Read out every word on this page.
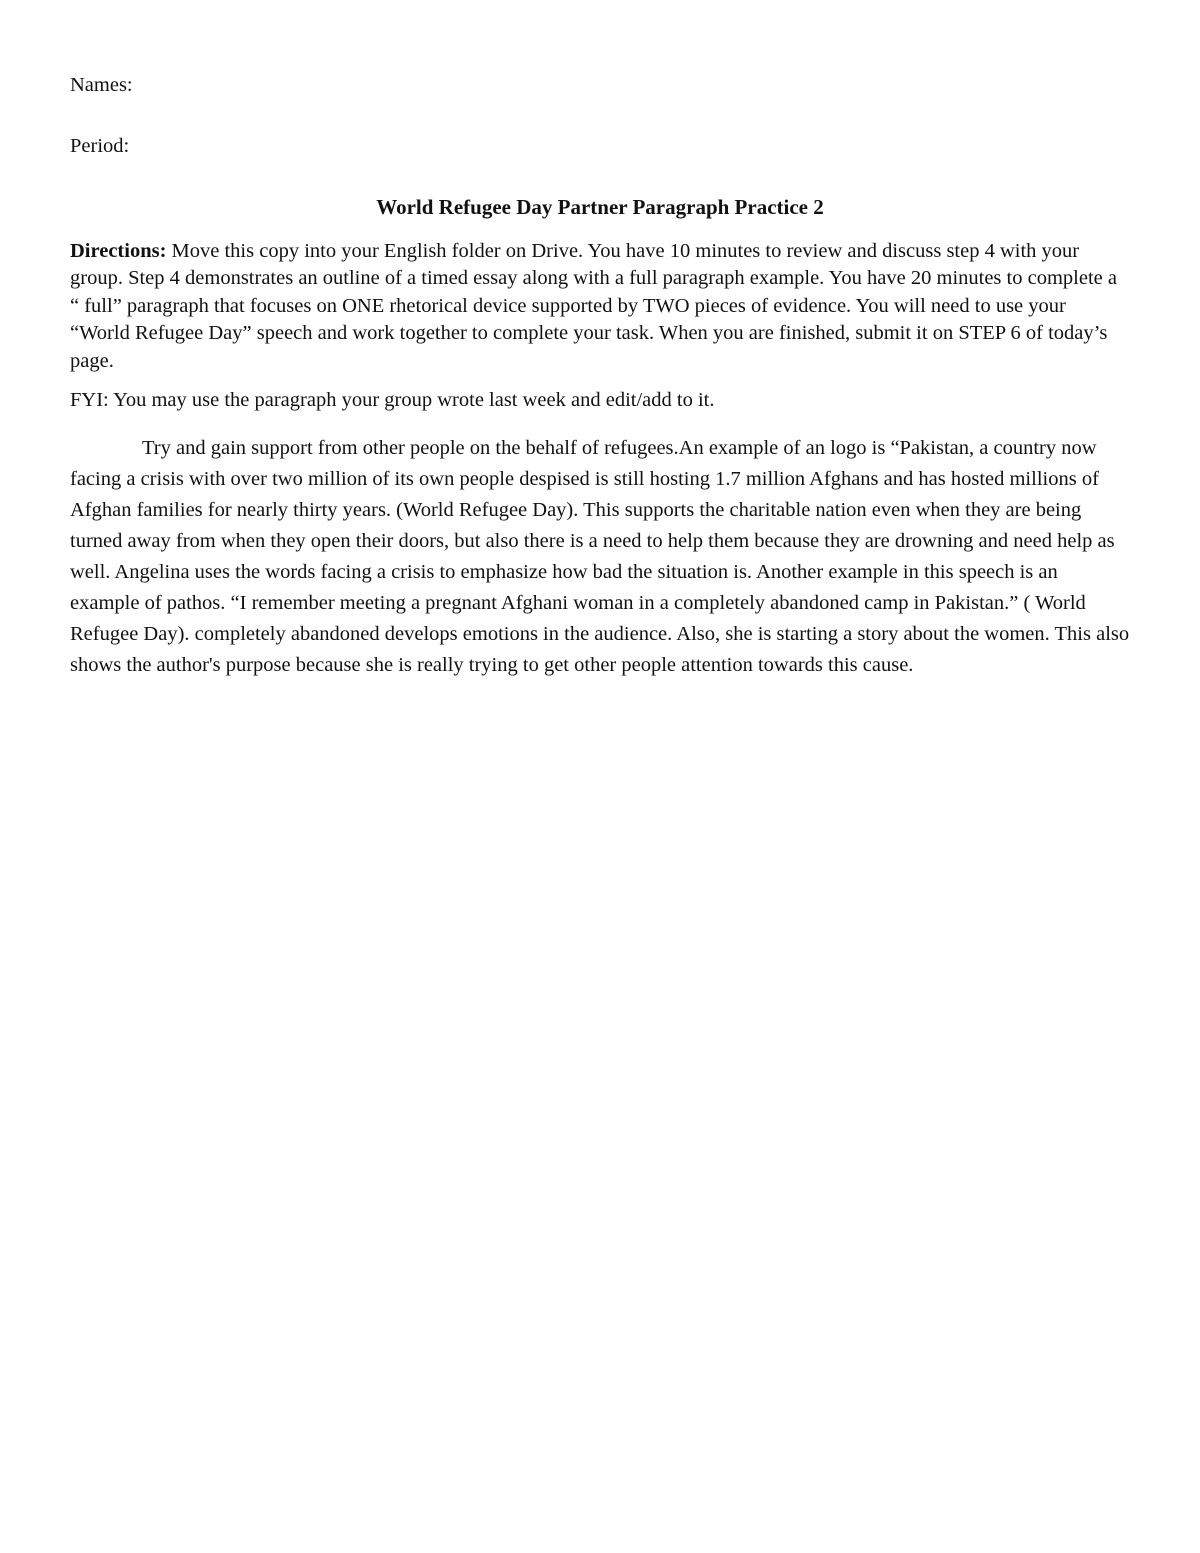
Names:

Period:

World Refugee Day Partner Paragraph Practice 2

Directions: Move this copy into your English folder on Drive. You have 10 minutes to review and discuss step 4 with your group. Step 4 demonstrates an outline of a timed essay along with a full paragraph example. You have 20 minutes to complete a “ full” paragraph that focuses on ONE rhetorical device supported by TWO pieces of evidence. You will need to use your “World Refugee Day” speech and work together to complete your task. When you are finished, submit it on STEP 6 of today’s page.

FYI: You may use the paragraph your group wrote last week and edit/add to it.

Try and gain support from other people on the behalf of refugees.An example of an logo is “Pakistan, a country now facing a crisis with over two million of its own people despised is still hosting 1.7 million Afghans and has hosted millions of Afghan families for nearly thirty years. (World Refugee Day). This supports the charitable nation even when they are being turned away from when they open their doors, but also there is a need to help them because they are drowning and need help as well. Angelina uses the words facing a crisis to emphasize how bad the situation is. Another example in this speech is an example of pathos. “I remember meeting a pregnant Afghani woman in a completely abandoned camp in Pakistan.” ( World Refugee Day). completely abandoned develops emotions in the audience. Also, she is starting a story about the women. This also shows the author's purpose because she is really trying to get other people attention towards this cause.
